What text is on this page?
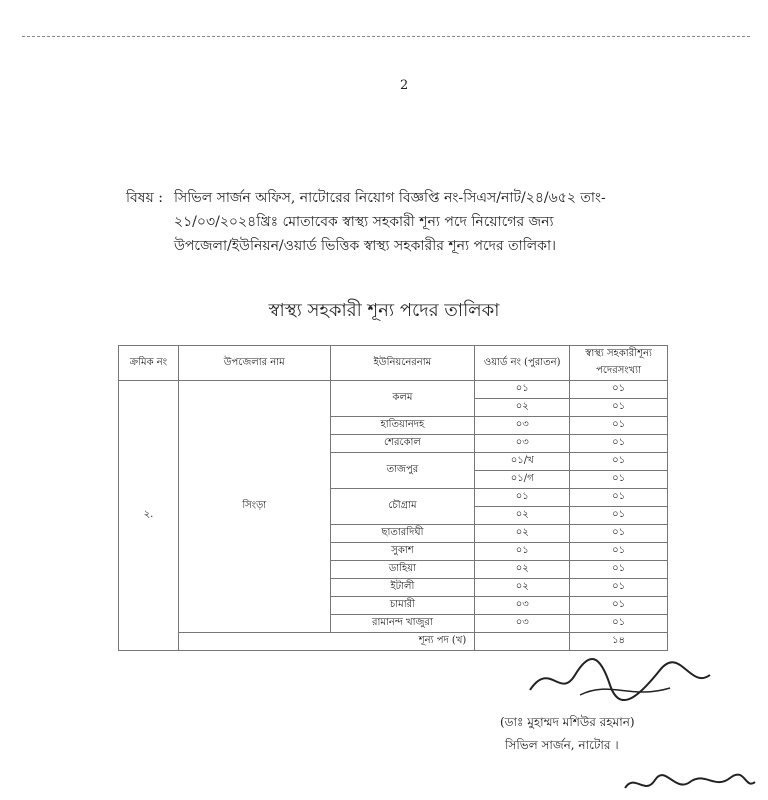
2

বিষয় : সিভিল সার্জন অফিস, নাটোরের নিয়োগ বিজ্ঞপ্তি নং-সিএস/নাট/২৪/৬৫২ তাং-

২১/০৩/২০২৪খ্রিঃ মোতাবেক স্বাস্থ্য সহকারী শূন্য পদে নিয়োগের জন্য

উপজেলা/ইউনিয়ন/ওয়ার্ড ভিত্তিক স্বাস্থ্য সহকারীর শূন্য পদের তালিকা।

স্বাস্থ্য সহকারী শূন্য পদের তালিকা
ক্রমিক নং	উপজেলার নাম	ইউনিয়নেরনাম	ওয়ার্ড নং (পুরাতন)	স্বাস্থ্য সহকারীশূন্য পদেরসংখ্যা
২.	সিংড়া	কলম	০১	০১
			০২	০১
		হাতিয়ানদহ	০৩	০১
		শেরকোল	০৩	০১
		তাজপুর	০১/খ	০১
			০১/গ	০১
		চৌগ্রাম	০১	০১
			০২	০১
		ছাতারদিঘী	০২	০১
		সুকাশ	০১	০১
		ডাহিয়া	০২	০১
		ইটালী	০২	০১
		চামারী	০৩	০১
		রামানন্দ খাজুরা	০৩	০১
	শূন্য পদ (খ)			১৪
(ডাঃ মুহাম্মদ মশিউর রহমান)
সিভিল সার্জন, নাটোর ।
